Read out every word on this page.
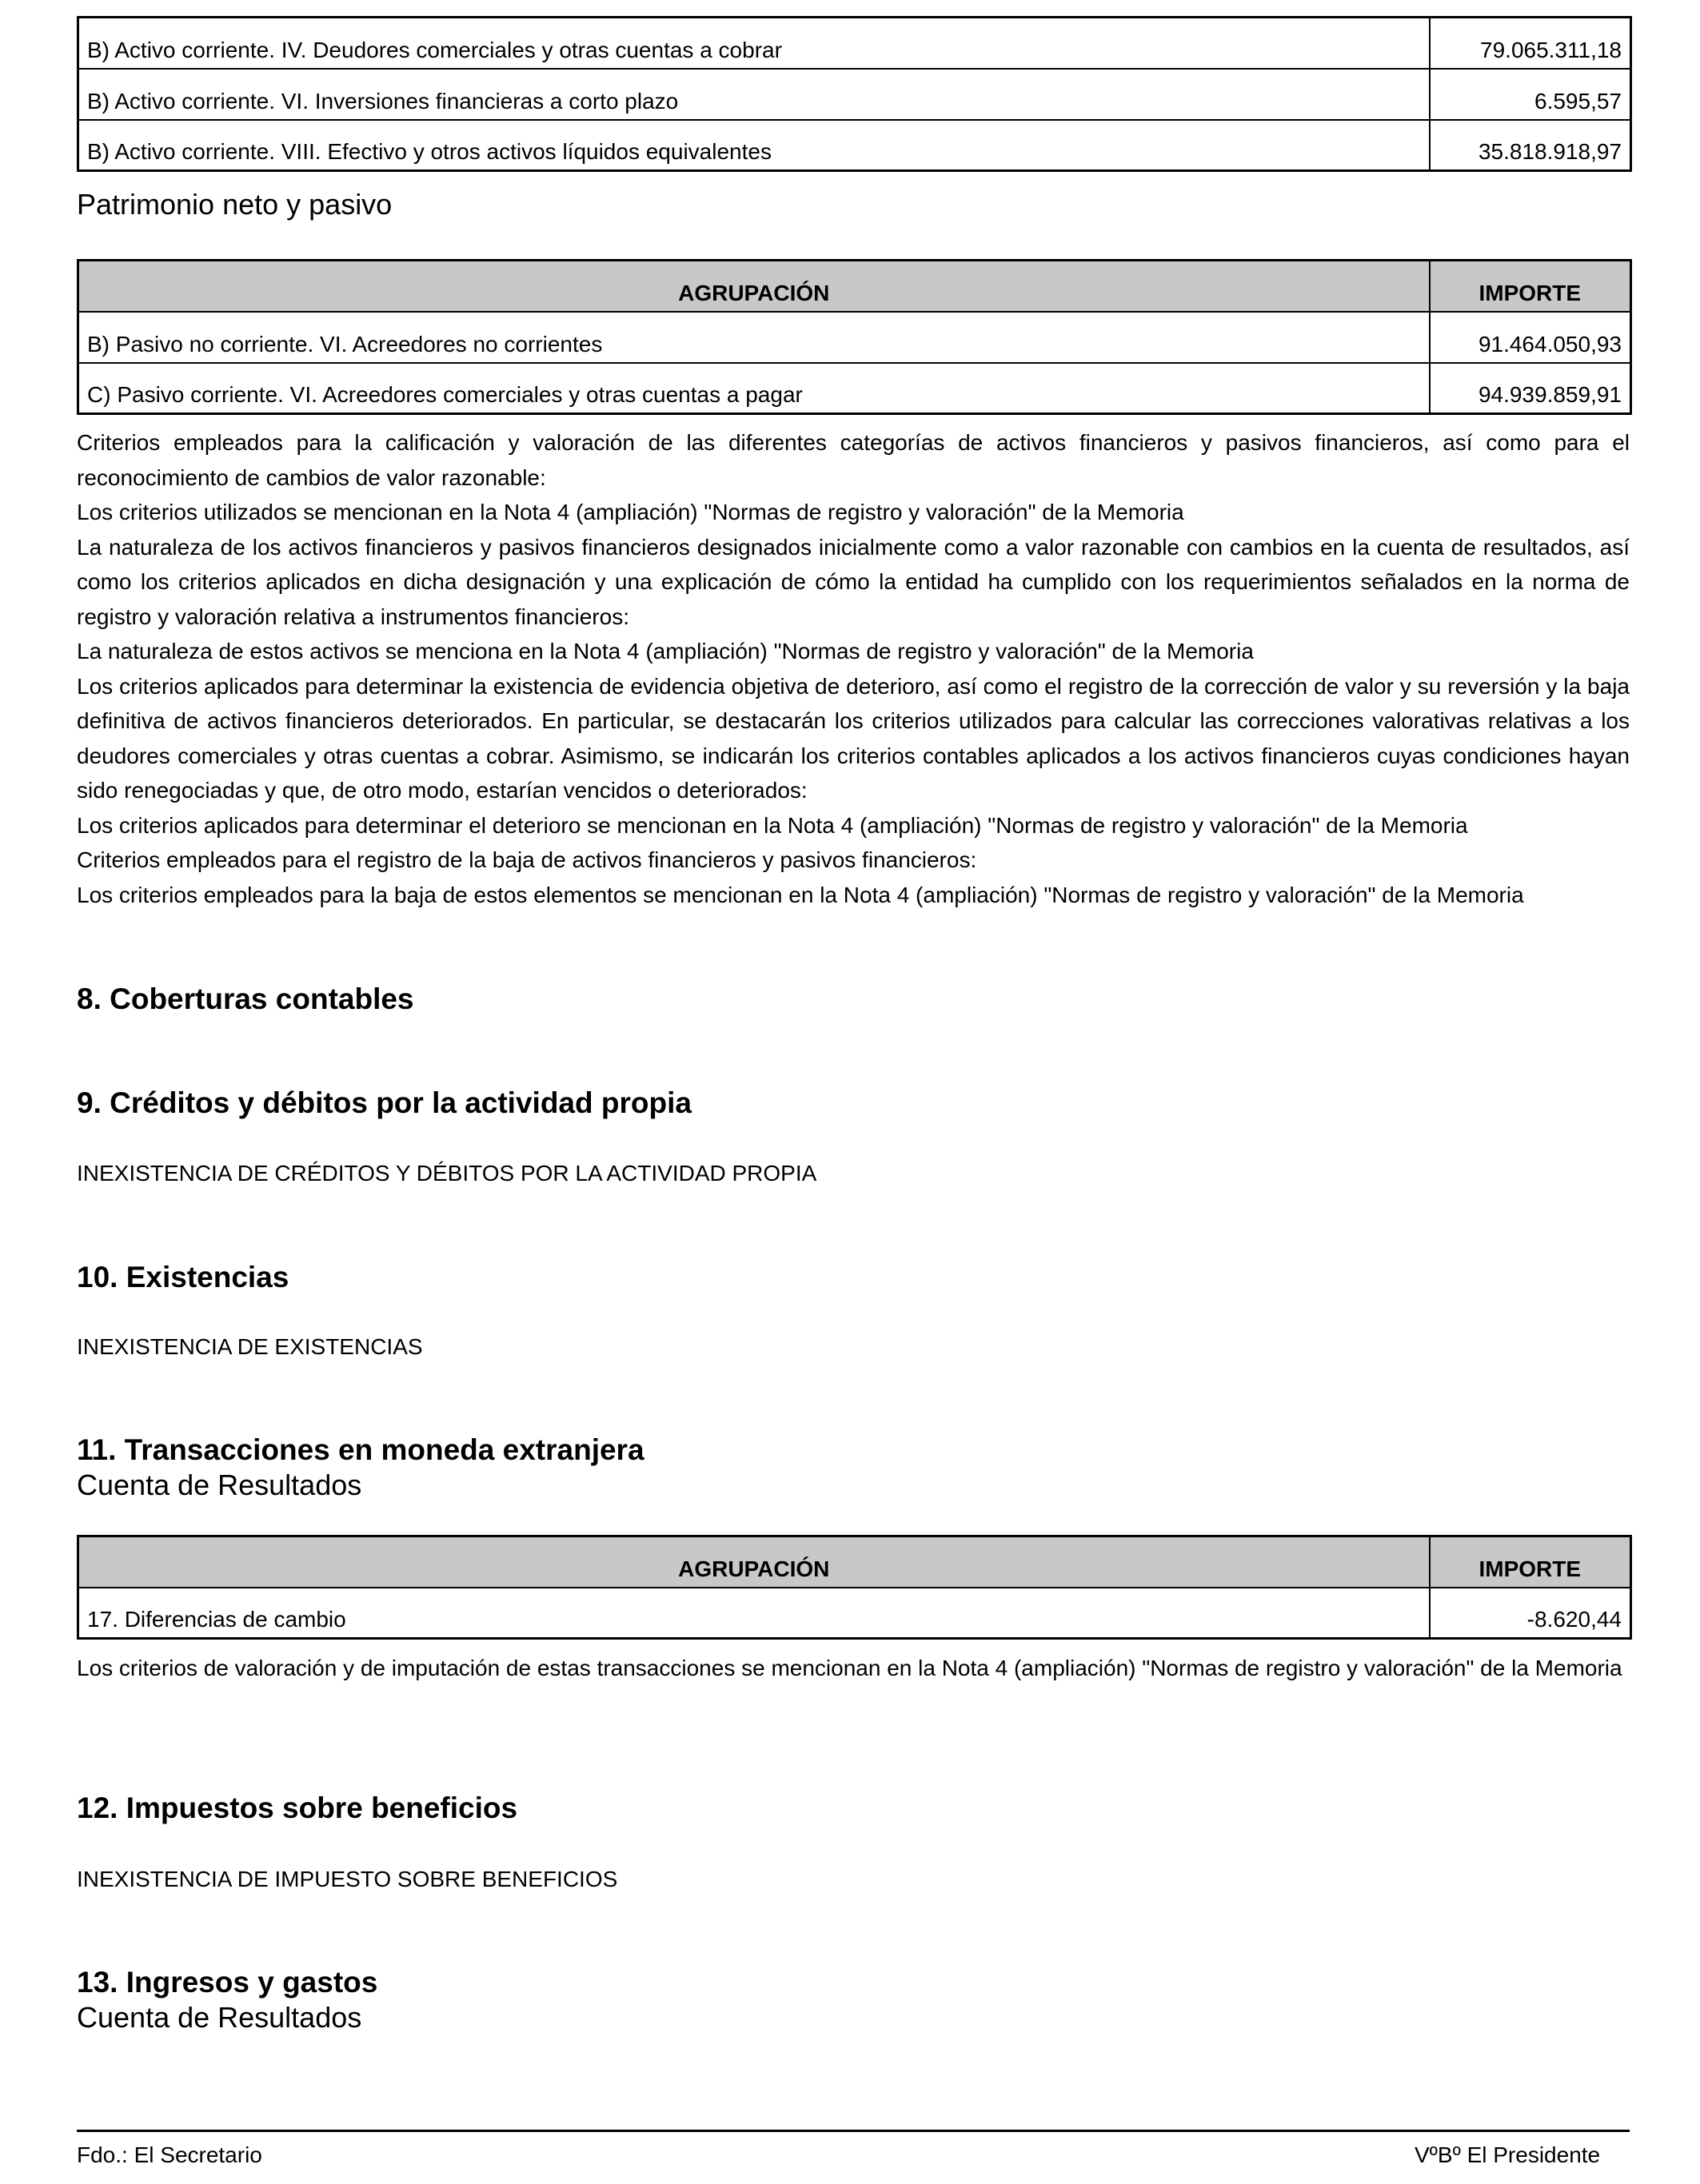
B) Activo corriente. IV. Deudores comerciales y otras cuentas a cobrar	79.065.311,18
B) Activo corriente. VI. Inversiones financieras a corto plazo	6.595,57
B) Activo corriente. VIII. Efectivo y otros activos líquidos equivalentes	35.818.918,97

Patrimonio neto y pasivo

AGRUPACIÓN	IMPORTE
B) Pasivo no corriente. VI. Acreedores no corrientes	91.464.050,93
C) Pasivo corriente. VI. Acreedores comerciales y otras cuentas a pagar	94.939.859,91

Criterios empleados para la calificación y valoración de las diferentes categorías de activos financieros y pasivos financieros, así como para el reconocimiento de cambios de valor razonable:

Los criterios utilizados se mencionan en la Nota 4 (ampliación) "Normas de registro y valoración" de la Memoria

La naturaleza de los activos financieros y pasivos financieros designados inicialmente como a valor razonable con cambios en la cuenta de resultados, así como los criterios aplicados en dicha designación y una explicación de cómo la entidad ha cumplido con los requerimientos señalados en la norma de registro y valoración relativa a instrumentos financieros:

La naturaleza de estos activos se menciona en la Nota 4 (ampliación) "Normas de registro y valoración" de la Memoria

Los criterios aplicados para determinar la existencia de evidencia objetiva de deterioro, así como el registro de la corrección de valor y su reversión y la baja definitiva de activos financieros deteriorados. En particular, se destacarán los criterios utilizados para calcular las correcciones valorativas relativas a los deudores comerciales y otras cuentas a cobrar. Asimismo, se indicarán los criterios contables aplicados a los activos financieros cuyas condiciones hayan sido renegociadas y que, de otro modo, estarían vencidos o deteriorados:

Los criterios aplicados para determinar el deterioro se mencionan en la Nota 4 (ampliación) "Normas de registro y valoración" de la Memoria

Criterios empleados para el registro de la baja de activos financieros y pasivos financieros:

Los criterios empleados para la baja de estos elementos se mencionan en la Nota 4 (ampliación) "Normas de registro y valoración" de la Memoria

8. Coberturas contables

9. Créditos y débitos por la actividad propia

INEXISTENCIA DE CRÉDITOS Y DÉBITOS POR LA ACTIVIDAD PROPIA

10. Existencias

INEXISTENCIA DE EXISTENCIAS

11. Transacciones en moneda extranjera

Cuenta de Resultados

AGRUPACIÓN	IMPORTE
17. Diferencias de cambio	-8.620,44

Los criterios de valoración y de imputación de estas transacciones se mencionan en la Nota 4 (ampliación) "Normas de registro y valoración" de la Memoria

12. Impuestos sobre beneficios

INEXISTENCIA DE IMPUESTO SOBRE BENEFICIOS

13. Ingresos y gastos

Cuenta de Resultados

Fdo.: El Secretario	VºBº El Presidente
